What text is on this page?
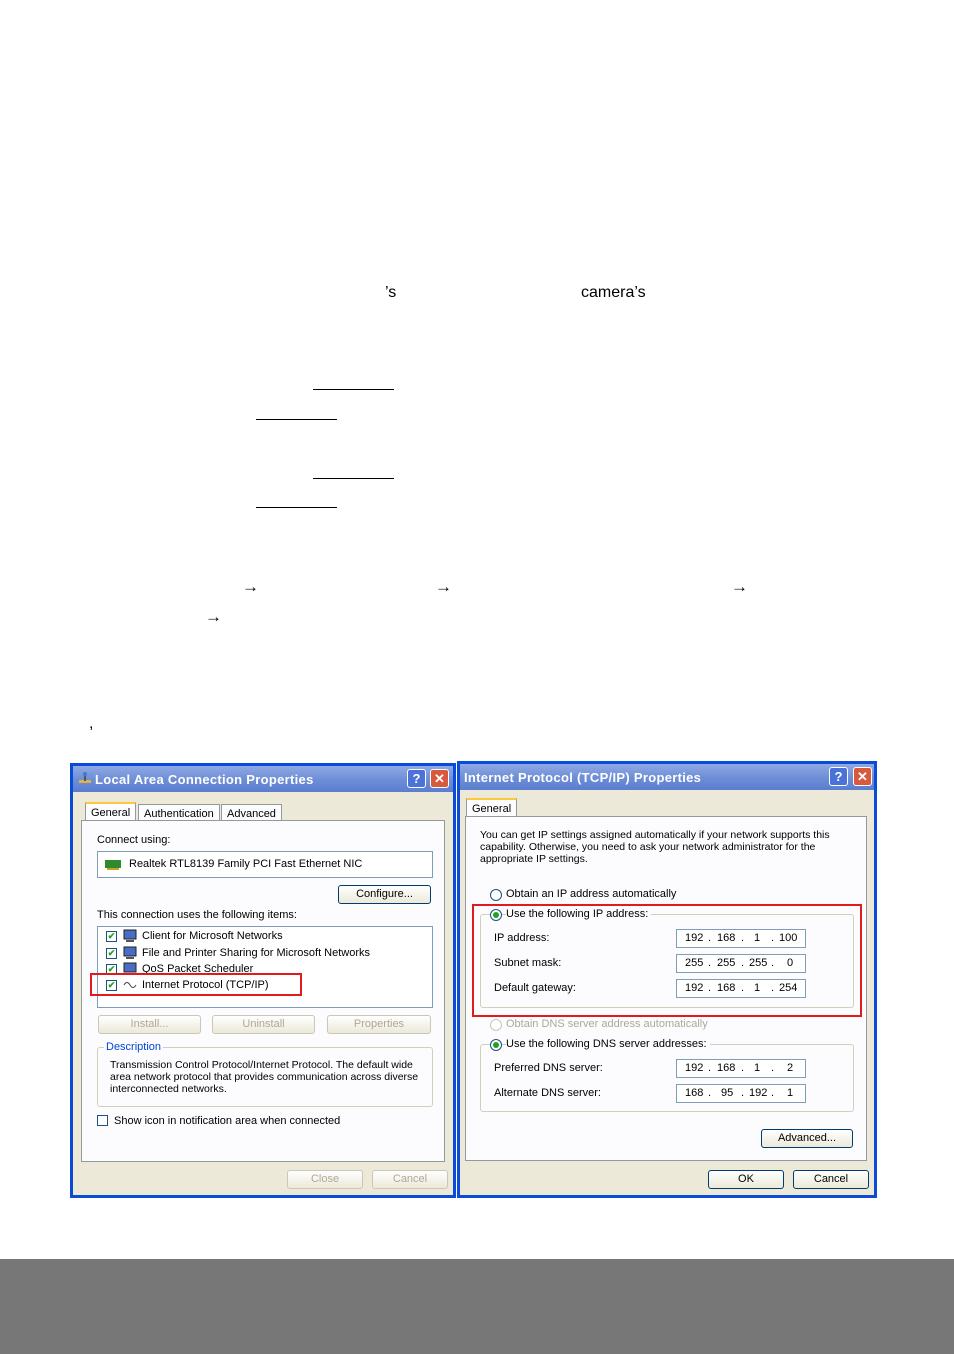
’s	camera’s
→	→	→
→
,
Local Area Connection Properties	?	✕
General	Authentication	Advanced
Connect using:
Realtek RTL8139 Family PCI Fast Ethernet NIC
Configure...
This connection uses the following items:
✔ Client for Microsoft Networks
✔ File and Printer Sharing for Microsoft Networks
✔ QoS Packet Scheduler
✔ Internet Protocol (TCP/IP)
Install...	Uninstall	Properties
Description
Transmission Control Protocol/Internet Protocol. The default wide area network protocol that provides communication across diverse interconnected networks.
Show icon in notification area when connected
Close	Cancel
Internet Protocol (TCP/IP) Properties	?	✕
General
You can get IP settings assigned automatically if your network supports this capability. Otherwise, you need to ask your network administrator for the appropriate IP settings.
Obtain an IP address automatically
Use the following IP address:
IP address:	192 . 168 . 1 . 100
Subnet mask:	255 . 255 . 255 . 0
Default gateway:	192 . 168 . 1 . 254
Obtain DNS server address automatically
Use the following DNS server addresses:
Preferred DNS server:	192 . 168 . 1 . 2
Alternate DNS server:	168 . 95 . 192 . 1
Advanced...
OK	Cancel
